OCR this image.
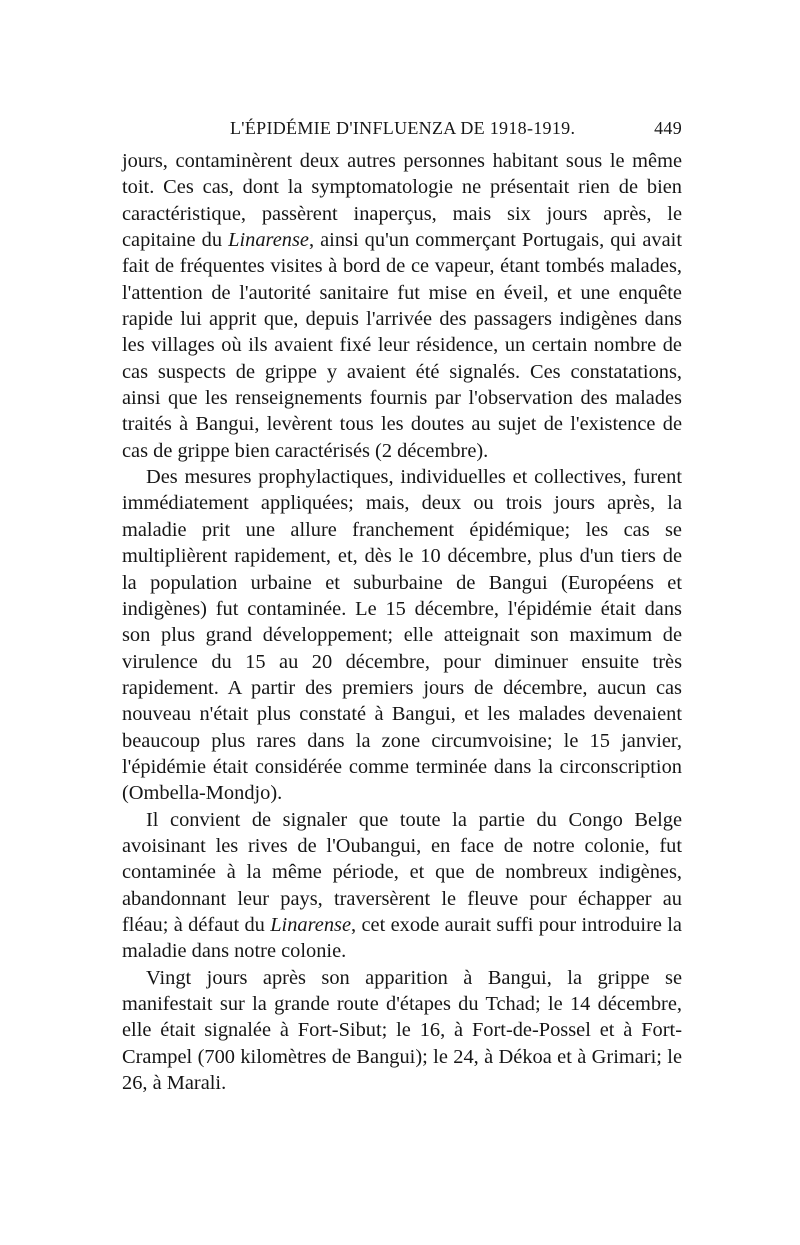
L'ÉPIDÉMIE D'INFLUENZA DE 1918-1919.	449

jours, contaminèrent deux autres personnes habitant sous le même toit. Ces cas, dont la symptomatologie ne présentait rien de bien caractéristique, passèrent inaperçus, mais six jours après, le capitaine du Linarense, ainsi qu'un commerçant Portugais, qui avait fait de fréquentes visites à bord de ce vapeur, étant tombés malades, l'attention de l'autorité sanitaire fut mise en éveil, et une enquête rapide lui apprit que, depuis l'arrivée des passagers indigènes dans les villages où ils avaient fixé leur résidence, un certain nombre de cas suspects de grippe y avaient été signalés. Ces constatations, ainsi que les renseignements fournis par l'observation des malades traités à Bangui, levèrent tous les doutes au sujet de l'existence de cas de grippe bien caractérisés (2 décembre).

Des mesures prophylactiques, individuelles et collectives, furent immédiatement appliquées; mais, deux ou trois jours après, la maladie prit une allure franchement épidémique; les cas se multiplièrent rapidement, et, dès le 10 décembre, plus d'un tiers de la population urbaine et suburbaine de Bangui (Européens et indigènes) fut contaminée. Le 15 décembre, l'épidémie était dans son plus grand développement; elle atteignait son maximum de virulence du 15 au 20 décembre, pour diminuer ensuite très rapidement. A partir des premiers jours de décembre, aucun cas nouveau n'était plus constaté à Bangui, et les malades devenaient beaucoup plus rares dans la zone circumvoisine; le 15 janvier, l'épidémie était considérée comme terminée dans la circonscription (Ombella-Mondjo).

Il convient de signaler que toute la partie du Congo Belge avoisinant les rives de l'Oubangui, en face de notre colonie, fut contaminée à la même période, et que de nombreux indigènes, abandonnant leur pays, traversèrent le fleuve pour échapper au fléau; à défaut du Linarense, cet exode aurait suffi pour introduire la maladie dans notre colonie.

Vingt jours après son apparition à Bangui, la grippe se manifestait sur la grande route d'étapes du Tchad; le 14 décembre, elle était signalée à Fort-Sibut; le 16, à Fort-de-Possel et à Fort-Crampel (700 kilomètres de Bangui); le 24, à Dékoa et à Grimari; le 26, à Marali.
